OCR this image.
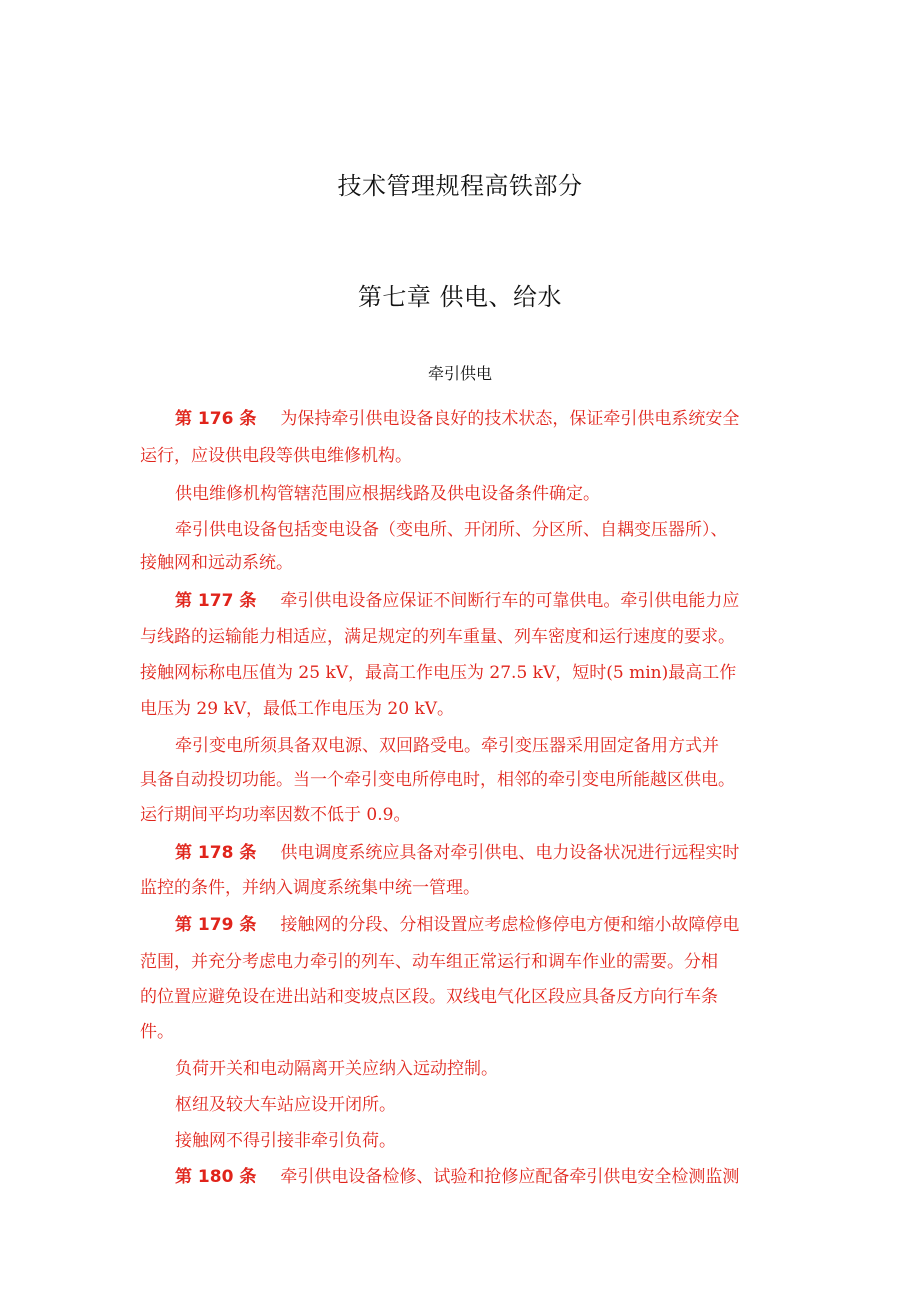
技术管理规程高铁部分
第七章 供电、给水
牵引供电
第 176 条 为保持牵引供电设备良好的技术状态，保证牵引供电系统安全
运行，应设供电段等供电维修机构。
供电维修机构管辖范围应根据线路及供电设备条件确定。
牵引供电设备包括变电设备（变电所、开闭所、分区所、自耦变压器所）、
接触网和远动系统。
第 177 条 牵引供电设备应保证不间断行车的可靠供电。牵引供电能力应
与线路的运输能力相适应，满足规定的列车重量、列车密度和运行速度的要求。
接触网标称电压值为 25 kV，最高工作电压为 27.5 kV，短时(5 min)最高工作
电压为 29 kV，最低工作电压为 20 kV。
牵引变电所须具备双电源、双回路受电。牵引变压器采用固定备用方式并
具备自动投切功能。当一个牵引变电所停电时，相邻的牵引变电所能越区供电。
运行期间平均功率因数不低于 0.9。
第 178 条 供电调度系统应具备对牵引供电、电力设备状况进行远程实时
监控的条件，并纳入调度系统集中统一管理。
第 179 条 接触网的分段、分相设置应考虑检修停电方便和缩小故障停电
范围，并充分考虑电力牵引的列车、动车组正常运行和调车作业的需要。分相
的位置应避免设在进出站和变坡点区段。双线电气化区段应具备反方向行车条
件。
负荷开关和电动隔离开关应纳入远动控制。
枢纽及较大车站应设开闭所。
接触网不得引接非牵引负荷。
第 180 条 牵引供电设备检修、试验和抢修应配备牵引供电安全检测监测
